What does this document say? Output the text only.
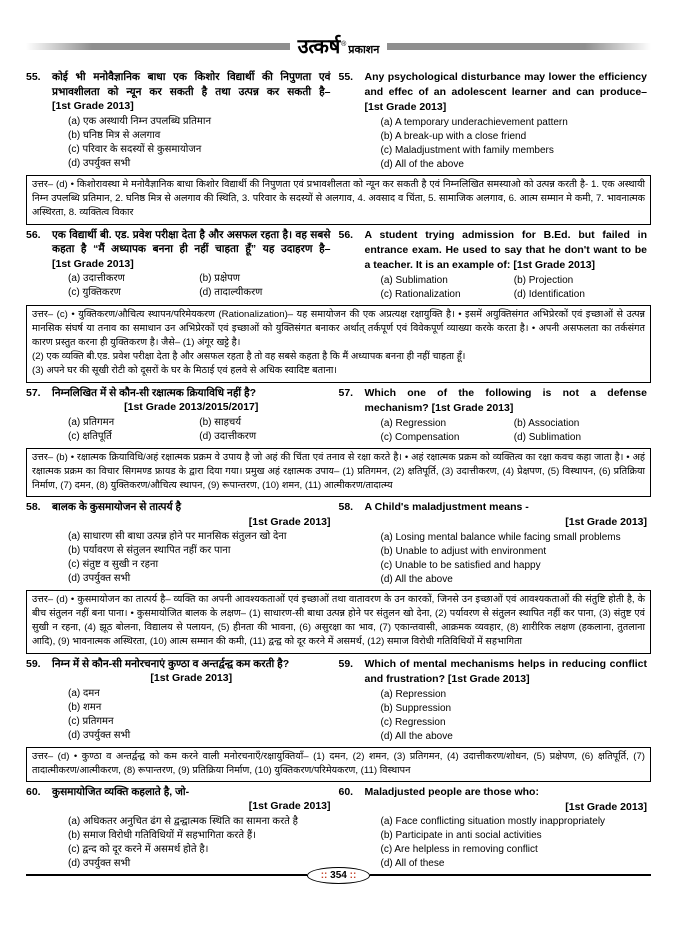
उत्कर्ष ® प्रकाशन
55.	कोई भी मनोवैज्ञानिक बाधा एक किशोर विद्यार्थी की निपुणता एवं प्रभावशीलता को न्यून कर सकती है तथा उत्पन्न कर सकती है– [1st Grade 2013]
(a) एक अस्थायी निम्न उपलब्धि प्रतिमान
(b) घनिष्ठ मित्र से अलगाव
(c) परिवार के सदस्यों से कुसमायोजन
(d) उपर्युक्त सभी
55.	Any psychological disturbance may lower the efficiency and effec of an adolescent learner and can produce– [1st Grade 2013]
(a) A temporary underachievement pattern
(b) A break-up with a close friend
(c) Maladjustment with family members
(d) All of the above
उत्तर– (d) • किशोरावस्था मे मनोवैज्ञानिक बाधा किशोर विद्यार्थी की निपुणता एवं प्रभावशीलता को न्यून कर सकती है एवं निम्नलिखित समस्याओ को उत्पन्न करती है- 1. एक अस्थायी निम्न उपलब्धि प्रतिमान, 2. घनिष्ठ मित्र से अलगाव की स्थिति, 3. परिवार के सदस्यों से अलगाव, 4. अवसाद व चिंता, 5. सामाजिक अलगाव, 6. आत्म सम्मान मे कमी, 7. भावनात्मक अस्थिरता, 8. व्यक्तित्व विकार
56.	एक विद्यार्थी बी. एड. प्रवेश परीक्षा देता है और असफल रहता है। वह सबसे कहता है “मैं अध्यापक बनना ही नहीं चाहता हूँ” यह उदाहरण है– [1st Grade 2013]
(a) उदात्तीकरण	(b) प्रक्षेपण
(c) युक्तिकरण	(d) तादाल्यीकरण
56.	A student trying admission for B.Ed. but failed in entrance exam. He used to say that he don't want to be a teacher. It is an example of: [1st Grade 2013]
(a) Sublimation	(b) Projection
(c) Rationalization	(d) Identification
उत्तर– (c) • युक्तिकरण/औचित्य स्थापन/परिमेयकरण (Rationalization)– यह समायोजन की एक अप्रत्यक्ष रक्षायुक्ति है। • इसमें अयुक्तिसंगत अभिप्रेरकों एवं इच्छाओं से उत्पन्न मानसिक संघर्ष या तनाव का समाधान उन अभिप्रेरकों एवं इच्छाओं को युक्तिसंगत बनाकर अर्थात् तर्कपूर्ण एवं विवेकपूर्ण व्याख्या करके करता है। • अपनी असफलता का तर्कसंगत कारण प्रस्तुत करना ही युक्तिकरण है। जैसे– (1) अंगूर खट्टे है।
(2) एक व्यक्ति बी.एड. प्रवेश परीक्षा देता है और असफल रहता है तो वह सबसे कहता है कि मैं अध्यापक बनना ही नहीं चाहता हूँ।
(3) अपने घर की सूखी रोटी को दूसरों के घर के मिठाई एवं हलवे से अधिक स्वादिष्ट बताना।
57.	निम्नलिखित में से कौन-सी रक्षात्मक क्रियाविधि नहीं है?
[1st Grade 2013/2015/2017]
(a) प्रतिगमन	(b) साहचर्य
(c) क्षतिपूर्ति	(d) उदात्तीकरण
57.	Which one of the following is not a defense mechanism? [1st Grade 2013]
(a) Regression	(b) Association
(c) Compensation	(d) Sublimation
उत्तर– (b) • रक्षात्मक क्रियाविधि/अहं रक्षात्मक प्रक्रम वे उपाय है जो अहं की चिंता एवं तनाव से रक्षा करते है। • अहं रक्षात्मक प्रक्रम को व्यक्तित्व का रक्षा कवच कहा जाता है। • अहं रक्षात्मक प्रक्रम का विचार सिगमण्ड फ्रायड के द्वारा दिया गया। प्रमुख अहं रक्षात्मक उपाय– (1) प्रतिगमन, (2) क्षतिपूर्ति, (3) उदात्तीकरण, (4) प्रेक्षपण, (5) विस्थापन, (6) प्रतिक्रिया निर्माण, (7) दमन, (8) युक्तिकरण/औचित्य स्थापन, (9) रूपान्तरण, (10) शमन, (11) आत्मीकरण/तादात्म्य
58.	बालक के कुसमायोजन से तात्पर्य है
[1st Grade 2013]
(a) साधारण सी बाधा उत्पन्न होने पर मानसिक संतुलन खो देना
(b) पर्यावरण से संतुलन स्थापित नहीं कर पाना
(c) संतुष्ट व सुखी न रहना
(d) उपर्युक्त सभी
58.	A Child's maladjustment means -
[1st Grade 2013]
(a) Losing mental balance while facing small problems
(b) Unable to adjust with environment
(c) Unable to be satisfied and happy
(d) All the above
उत्तर– (d) • कुसमायोजन का तात्पर्य है– व्यक्ति का अपनी आवश्यकताओं एवं इच्छाओं तथा वातावरण के उन कारकों, जिनसे उन इच्छाओं एवं आवश्यकताओं की संतुष्टि होती है, के बीच संतुलन नहीं बना पाना। • कुसमायोजित बालक के लक्षण– (1) साधारण-सी बाधा उत्पन्न होने पर संतुलन खो देना, (2) पर्यावरण से संतुलन स्थापित नहीं कर पाना, (3) संतुष्ट एवं सुखी न रहना, (4) झूठ बोलना, विद्यालय से पलायन, (5) हीनता की भावना, (6) असुरक्षा का भाव, (7) एकान्तवासी, आक्रमक व्यवहार, (8) शारीरिक लक्षण (हकलाना, तुतलाना आदि), (9) भावनात्मक अस्थिरता, (10) आत्म सम्मान की कमी, (11) द्वन्द्व को दूर करने में असमर्थ, (12) समाज विरोधी गतिविधियों में सहभागिता
59.	निम्न में से कौन-सी मनोरचनाएं कुण्ठा व अन्तर्द्वन्द्व कम करती है?
[1st Grade 2013]
(a) दमन
(b) शमन
(c) प्रतिगमन
(d) उपर्युक्त सभी
59.	Which of mental mechanisms helps in reducing conflict and frustration? [1st Grade 2013]
(a) Repression
(b) Suppression
(c) Regression
(d) All the above
उत्तर– (d) • कुण्ठा व अन्तर्द्वन्द्व को कम करने वाली मनोरचनाएँ/रक्षायुक्तियाँ– (1) दमन, (2) शमन, (3) प्रतिगमन, (4) उदात्तीकरण/शोधन, (5) प्रक्षेपण, (6) क्षतिपूर्ति, (7) तादात्मीकरण/आत्मीकरण, (8) रूपान्तरण, (9) प्रतिक्रिया निर्माण, (10) युक्तिकरण/परिमेयकरण, (11) विस्थापन
60.	कुसमायोजित व्यक्ति कहलाते है, जो-
[1st Grade 2013]
(a) अधिकतर अनुचित ढंग से द्वन्द्वात्मक स्थिति का सामना करते है
(b) समाज विरोधी गतिविधियों में सहभागिता करते हैं।
(c) द्वन्द को दूर करने में असमर्थ होते है।
(d) उपर्युक्त सभी
60.	Maladjusted people are those who:
[1st Grade 2013]
(a) Face conflicting situation mostly inappropriately
(b) Participate in anti social activities
(c) Are helpless in removing conflict
(d) All of these
:: 354 ::
